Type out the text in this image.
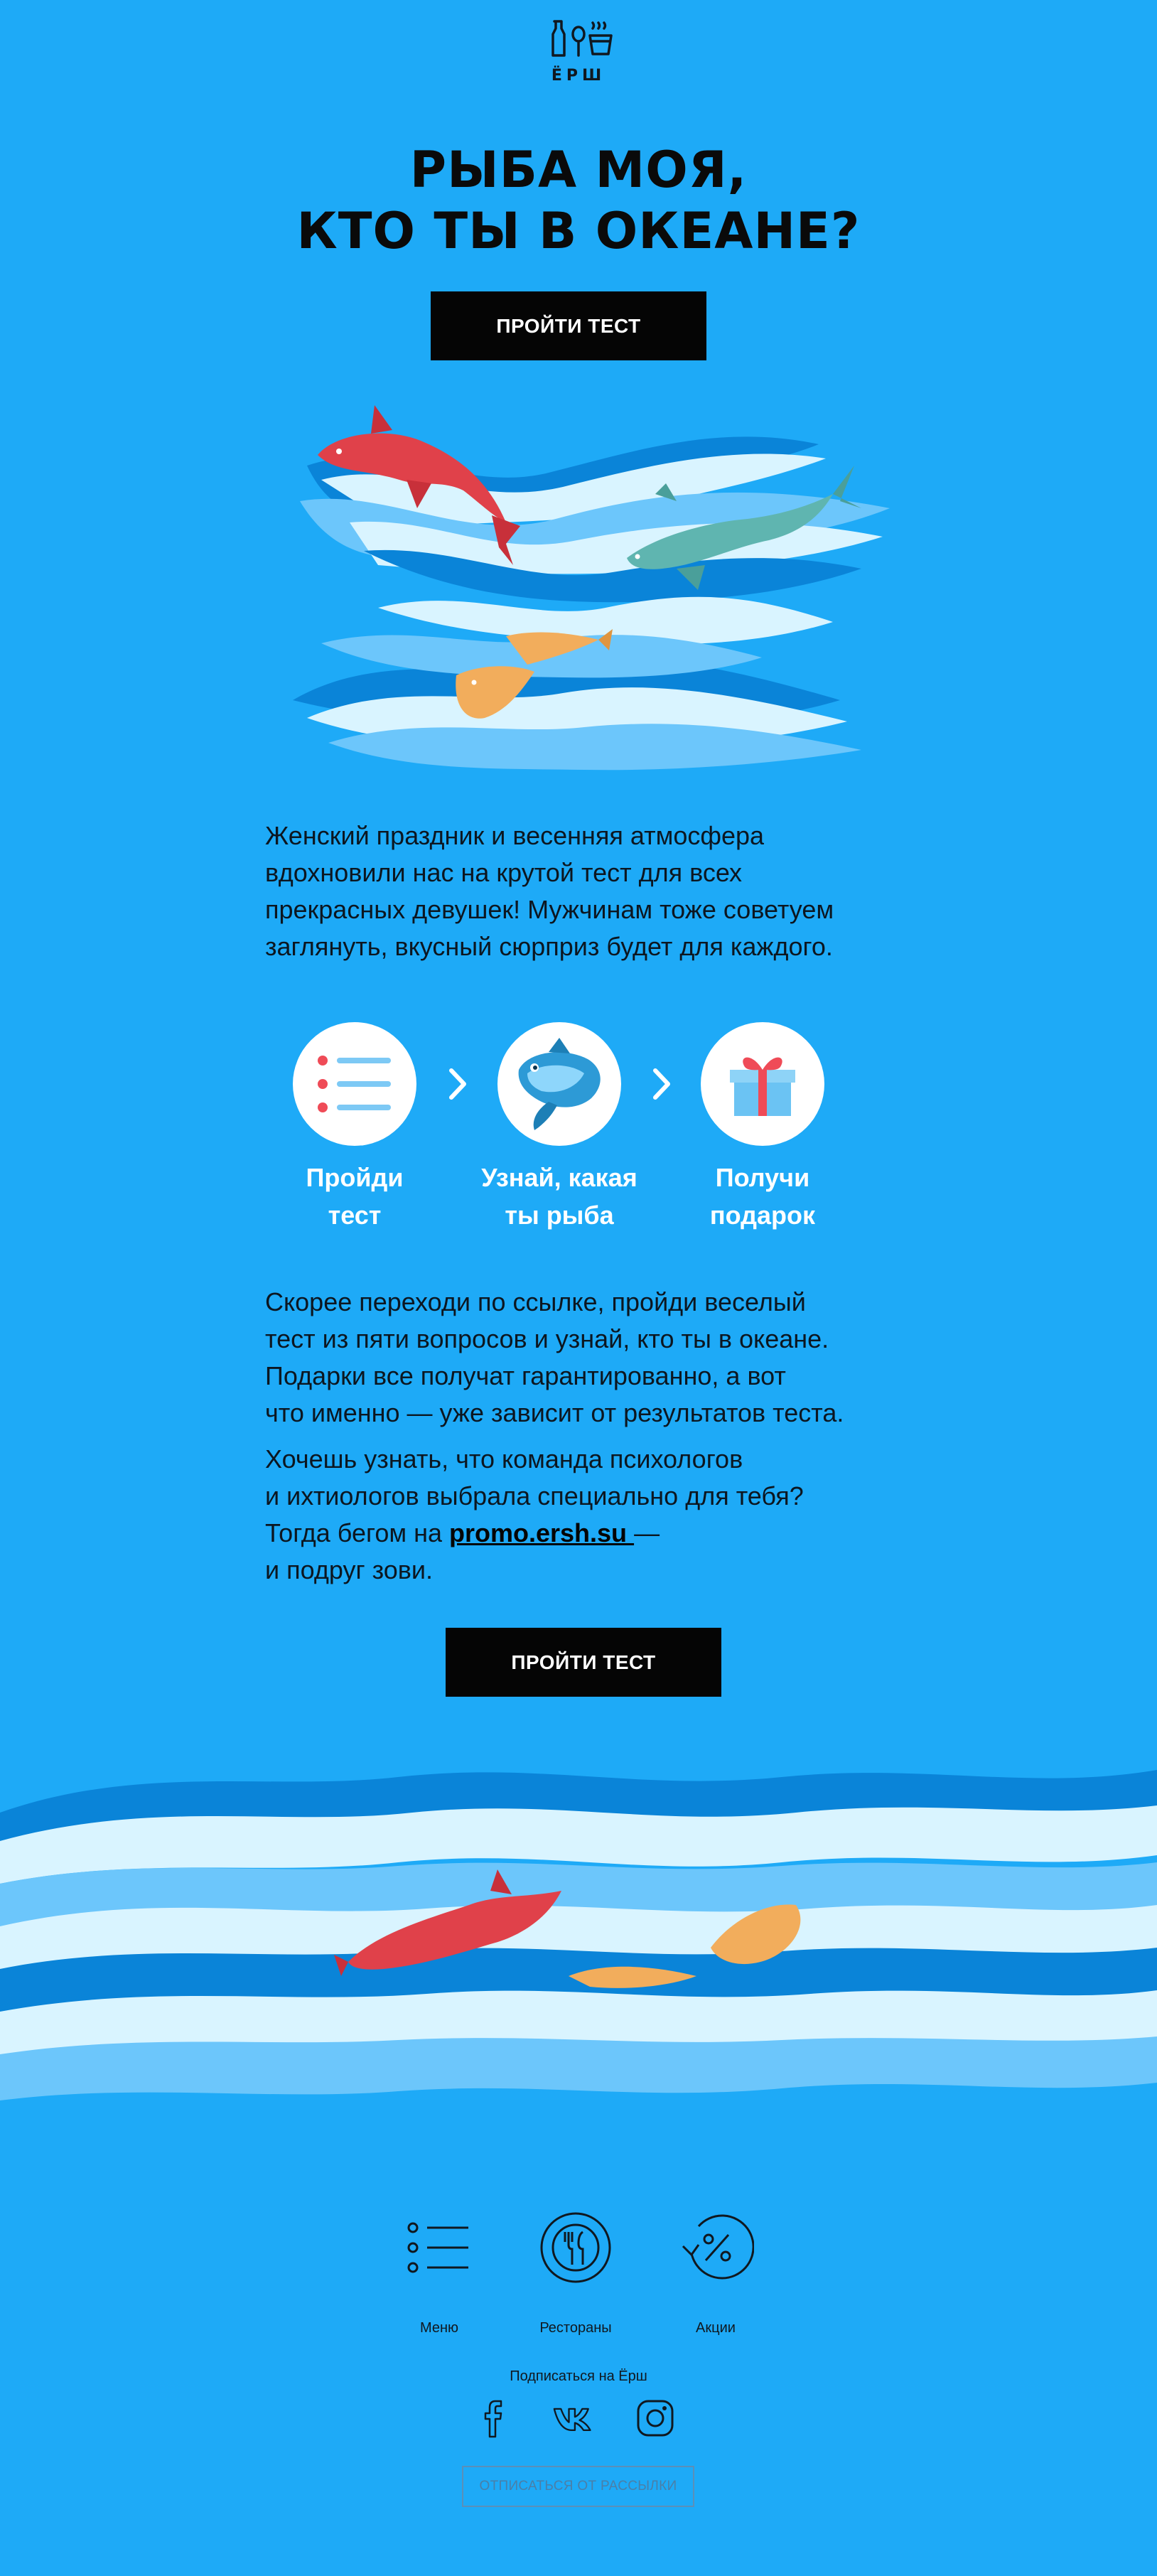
ЁРШ
РЫБА МОЯ,
КТО ТЫ В ОКЕАНЕ?
ПРОЙТИ ТЕСТ
Женский праздник и весенняя атмосфера
вдохновили нас на крутой тест для всех
прекрасных девушек! Мужчинам тоже советуем
заглянуть, вкусный сюрприз будет для каждого.
Пройди
тест
Узнай, какая
ты рыба
Получи
подарок
Скорее переходи по ссылке, пройди веселый
тест из пяти вопросов и узнай, кто ты в океане.
Подарки все получат гарантированно, а вот
что именно — уже зависит от результатов теста.
Хочешь узнать, что команда психологов
и ихтиологов выбрала специально для тебя?
Тогда бегом на promo.ersh.su —
и подруг зови.
ПРОЙТИ ТЕСТ
Меню	Рестораны	Акции
Подписаться на Ёрш
ОТПИСАТЬСЯ ОТ РАССЫЛКИ
